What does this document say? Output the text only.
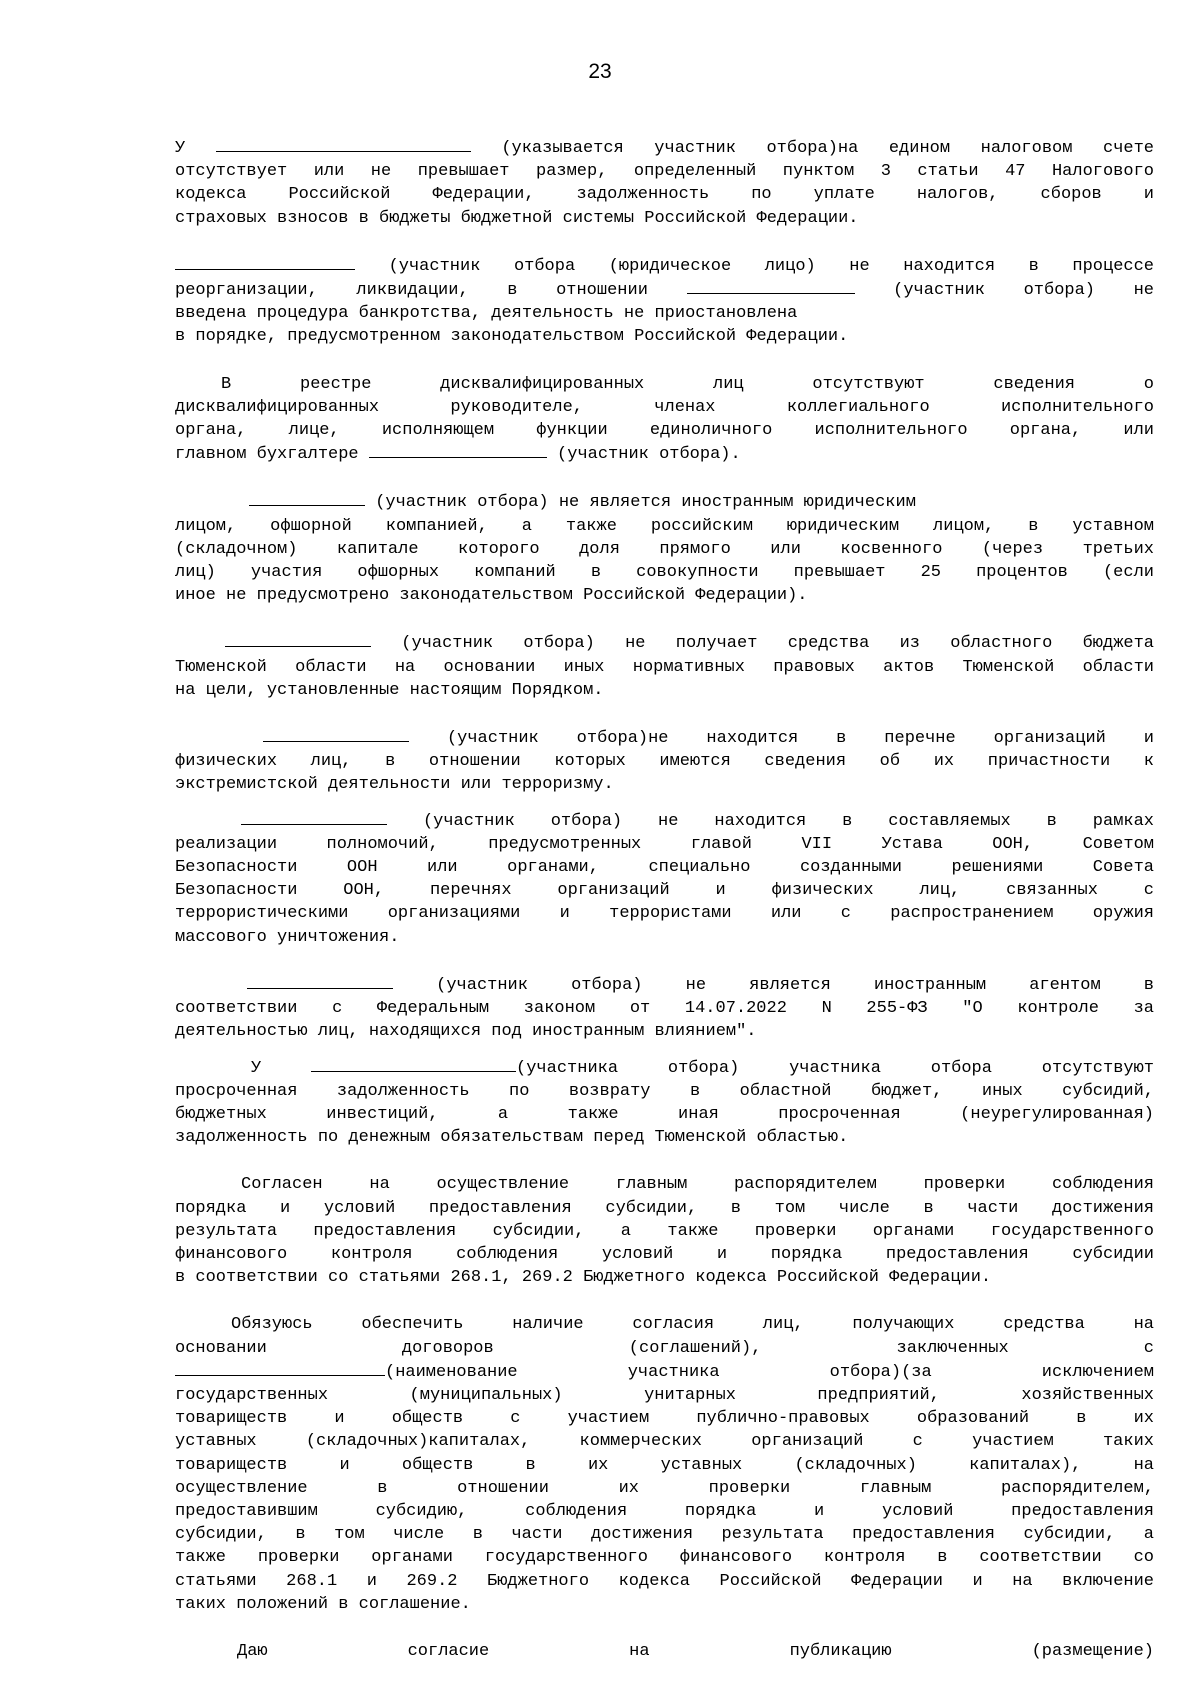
23
У	(указывается участник отбора)на едином налоговом счете
отсутствует или не превышает размер, определенный пунктом 3 статьи 47 Налогового
кодекса Российской Федерации, задолженность по уплате налогов, сборов и
страховых взносов в бюджеты бюджетной системы Российской Федерации.
(участник отбора (юридическое лицо) не находится в процессе
реорганизации, ликвидации, в отношении	(участник отбора) не
введена процедура банкротства, деятельность не приостановлена
в порядке, предусмотренном законодательством Российской Федерации.
В реестре дисквалифицированных лиц отсутствуют сведения о
дисквалифицированных руководителе, членах коллегиального исполнительного
органа, лице, исполняющем функции единоличного исполнительного органа, или
главном бухгалтере	(участник отбора).
(участник отбора) не является иностранным юридическим
лицом, офшорной компанией, а также российским юридическим лицом, в уставном
(складочном) капитале которого доля прямого или косвенного (через третьих
лиц) участия офшорных компаний в совокупности превышает 25 процентов (если
иное не предусмотрено законодательством Российской Федерации).
(участник отбора) не получает средства из областного бюджета
Тюменской области на основании иных нормативных правовых актов Тюменской области
на цели, установленные настоящим Порядком.
(участник отбора)не находится в перечне организаций и
физических лиц, в отношении которых имеются сведения об их причастности к
экстремистской деятельности или терроризму.
(участник отбора) не находится в составляемых в рамках
реализации полномочий, предусмотренных главой VII Устава ООН, Советом
Безопасности ООН или органами, специально созданными решениями Совета
Безопасности ООН, перечнях организаций и физических лиц, связанных с
террористическими организациями и террористами или с распространением оружия
массового уничтожения.
(участник отбора) не является иностранным агентом в
соответствии с Федеральным законом от 14.07.2022 N 255-ФЗ "О контроле за
деятельностью лиц, находящихся под иностранным влиянием".
У	(участника отбора) участника отбора отсутствуют
просроченная задолженность по возврату в областной бюджет, иных субсидий,
бюджетных инвестиций, а также иная просроченная (неурегулированная)
задолженность по денежным обязательствам перед Тюменской областью.
Согласен на осуществление главным распорядителем проверки соблюдения
порядка и условий предоставления субсидии, в том числе в части достижения
результата предоставления субсидии, а также проверки органами государственного
финансового контроля соблюдения условий и порядка предоставления субсидии
в соответствии со статьями 268.1, 269.2 Бюджетного кодекса Российской Федерации.
Обязуюсь обеспечить наличие согласия лиц, получающих средства на
основании договоров (соглашений), заключенных с
(наименование участника отбора)(за исключением
государственных (муниципальных) унитарных предприятий, хозяйственных
товариществ и обществ с участием публично-правовых образований в их
уставных (складочных)капиталах, коммерческих организаций с участием таких
товариществ и обществ в их уставных (складочных) капиталах), на
осуществление в отношении их проверки главным распорядителем,
предоставившим субсидию, соблюдения порядка и условий предоставления
субсидии, в том числе в части достижения результата предоставления субсидии, а
также проверки органами государственного финансового контроля в соответствии со
статьями 268.1 и 269.2 Бюджетного кодекса Российской Федерации и на включение
таких положений в соглашение.
Даю согласие на публикацию (размещение)
